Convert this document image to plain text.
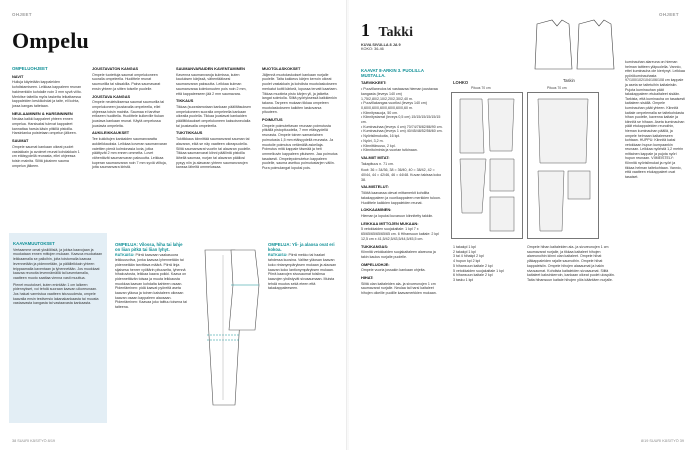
OHJEET
Ompelu
OMPELUOHJEET
NAVIT

Huiluja käytetään kappaleiden kohdistamiseen. Leikkaa kappaleen reunan hakimerkkiin kohdalle noin 3 mm syvä viilto. Merkitse taiteilla myös tasketta leikattaessa kappaleiden keskikohdat ja taite, eli kohta, jossa kangas taitetaan.

NEULAAMINEN & HARSINNINEN

Neulaa kaikki kappaleet yhteen ennen ompelua. Harsisaksi tulevat kappaleet kannattaa harsia käsin pitkillä pistoilla. Harsinlanka poistetaan ompelun jälkeen.

SAUMAT

Ompele saumat kankaan oikeat puolet vastakkain ja avoimet reunat kohdakkain 1 cm etäisyydellä reunasta, ellei ohjeessa toisin mainita. Silitä jokainen sauma ompelun jälkeen.

JOUSTAVATON KANGAS

Ompele tuotettuja saumat ompelukoneen suoralla ompeleella. Huolittele reunat saumuriilla tai siksakilla. Paina saumavarat ensin yhteen ja sitten toiselle puolelle.

JOUSTAVA KANGAS

Ompele neuleisiksensa saumat saumurilla tai ompelukoneen joustavalla ompeleella, ellei ohjeessa toisin mainita. Saumaa ei tarvitse erikseen huolitella. Huolittele kulkeville tiukan joustava kankaan reunat. Käytä ompelussa joustavia ompeleita.

AUKILEIKKAUKSET

Tee kukkitujen kankaiden saumanvaratta aukileikkauksia. Leikkaa koveran saumanvaran vaiettien pienä kolmionasia lovia, jotka päättyvät 2 mm ennen ommelta. Lovet vähentävät saumanvaran paksuutta. Leikkaa kuperan saumanvaran noin 7 mm syviä viiltoja, jotta saumanvara kiristä.

SAUMANVARAIDEN KAVENTAMINEN

Kavenna saumanvaroja kulmissa, kuten kauluksen kärjissä, vähentääksesi saumanvaran paksuutta. Leikkaa kulman saumanvaraa kolmionuuten pois noin 2 mm, että kappaleeseen jää 2 mm saumavara.

TIKKAUS

Tikkaa (suoratamotaan kankaan pääliltäsuksen ompelukoneen suoralla ompeleella kankaan oikealla puolella. Tikkaa joustavat kankaiden päällitikkaukset ompelukoneen kaksoisneulalla tai joustavalla ompeleella.

TUKITIKKAUS

Tukitikkaus kiinnittää saumanvarat sauman tai alavaran, eikä se näy vaatteen oikeapuolella. Silitä saumanvarat vuoriin tai alavaran puolelle. Tikkaa saumanvarat kiinni päällintä pistoilla lähellä saumaa, nurjan tai alavaran pääilosi pysyy niin ja alavaran yhteen saumanvarojen kanssa läheltä ommelussaa.

MUOTOLASKOKSET

Jäljennä muotolaskokset kankaan nurjalle puolelle. Taita kakkeus kärjen kerroin oikeat puolet vastakkain ja kohdista muotolaskokseen merkatut koitti kärkeä, lopussa tervatt kaartaen. Tikkaa muotinta pisto kärjen yli, ja jatketta langat solmiolla. Silitä pyöriyksessä kaikkienkin takana. Tarpeen mukaan tikkaa ompeleen muotolaskokseen kaikiten laskovarsa pituuteen.

POIMUTUS

Ompele poimutettavan reunaan poimutusta pitkällä pistopituudella, 7 mm etäisyydellä reunasta. Ompele toinen samanlainen poimutusta 1,5 mm etäisyydellä reunasta. Ja muotoile poimutus vetämällä askellaja. Poimutus mitä kappale täsmää ja heti ommelkuvin kappaleen pituiseen. Jaa poimutus tasaisesti. Ompelepoimutetun kappaleen puolelle, sauma asettuu poimutustarjen väliin. Pura poimulangat lopuksi pois.

KAAVAMUUTOKSET

Vertaamme omat yksilöllisiä, ja jokisa kaavojaan ja muokataan ennen mittojen mukaan. Kaavoa muokataan leikkaamalla se palloihin, joita toistomalla kaavaa levennetään ja pidennetään, ja pälälleikkain yhteen teippaamalla kaventaan ja lyhennetään. Jos muokkaat kaavaa reunoita levennämällä tai kaventamalla, vaatteen muoto saattaa vienna vasti muuttua.

Pienet muutokset, kuten enintään 1 cm lalkeen pidennykset, voi tehdä suoraan kaavan ulkoreunaan. Jos haluat varmistua vaatteen istuvuudesta, ompele kaavalla ensin testiversio lakanakankaasta tai muusta vastaavasta kangasta tai vastaavasta kankaasta.

OMPELUA: Vilossa, hiha tai lahje on liian pitkä tai liian lyhyt.

RATKAISU: Piirrä kaavaan vaakasuora leikkuusviiva, jonka kaavaa lyhennetään tai pidennetään tarvittava määrä. Piirrä linja sijaisesa henrer vyöltärin pituuselta, lyhennä hihakuviosta, leikkaa kaava poikki. Kaava on pidennettävän toisaa ja muuta leikkausta muokkaa kaavan kohdalta kahteen osaan. Pidentäminen: pidä kaavat pyöreitä aseta kaavan yläosa ja toinen kaistaleen oikeaan kaavan osaan kappaleen alaosaan. Pidentäminen: Kaavaa joko taittuu toisena tai taiteena.

OMPELUA: Yli- ja alaosa ovat eri kokoa.

RATKAISU: Piirrä mekko tai haalari tahdessa kuosina. Valitse yläosan kaavan koko rintanympäryksen mukaan ja alaosan kaavan koko lantionympäryksen mukaan. Piirrä kaavojen sivusaumat toisiinsa kaavojen yhdistyvät sivusaumaan. Muista tehdä muutos sekä eteen että takakappaleeseen.

38 SUURI KÄSITYÖ 8/19
OHJEET
1 Takki
KUVA SIVULLA 8 JA 9
KOKO: 36-46
KAAVAT 8-ARKIN 3. PUOLILLA MUSTALLA.
TARVIKKEET:
• Puuvillaneulos tai vastaavaa hieman joustavaa kangasta (leveys 140 cm) 1,75/2,80/2,10/2,20/2,30/2,40 m.
• Puuvillakangas vuoriksi (leveys 140 cm) 0,60/0,60/0,60/0,60/0,60/0,60 m.
• Kiinnityssuoja, 50 cm.
• Kiinnitystarrat (leveys 0,5 cm) 15/15/15/15/15/15 cm.
• Kuminauhaa (leveys 4 cm) 70/74/78/82/86/90 cm.
• Kuminauhaa (leveys 1 cm) 40/45/48/52/56/60 cm.
• Nyörisilmukoita, 16 kpl.
• Nyöri, 3,2 m.
• Kiinnittäruusu, 2 kpl.
• Kiinnitoiminta ja vuorian tutkinaan.
VALMIIT MITAT:

Takapituus n. 71 cm.

Koot: 36 = 34/36, 38 = 36/40, 40 = 38/42, 42 = 40/44, 44 = 42/46, 46 = 44/48. Kuvan takissa koko 38.

VALMISTELUT:

Tilöitä kaavassa olevat mittamerkit kohdilta takakappaleen ja vuorikappaleen merkkien tuloon. Huolittele kaikkien kappaleiden reunat.

LOKKAAMINEN:

Hieman ja lopuksi kuvaruun kiinnitetty takkiin.

LEIKKAA MITTOJEN MUKAAN:

5 vetokkaiden suojakaitale: 1 kpl 7 x 65/65/65/65/65/65 cm. 6 Hihansuun kaitale: 2 kpl 12,5 cm x 41,5/42,5/43,5/44,5/45,5 cm.

TUKIKANGAS:

Kiinnitä vetokkaiden suojakaitaleen alareuna ja takin kaulus nurjalle puolelle.

OMPELUOHJE:

Ompele vuoria jossakin kankaan ohjeita.

HIHAT:

Silitä olan kaitaleiden ala- ja sivureunojen 1 cm saumavarat nurjalle. Neulaa tai harsi kaitaleet hihojen oikeille puolille kaavamerkkien mukaan.

Taskin
Pituus 70 cm	Pituus 70 cm
LOHKO
1 takakpl 1 kpl
2 takakpl 1 kpl
3 tai 4 hihakpl 2 kpl
4 hupun kpl 2 kpl
5 hihansuun kaitale 2 kpl
5 vetokkaiden suojakaitale 1 kpl
6 hihansuun kaitale 2 kpl
3 tasku 1 kpl

Ompele hihan kaitaleiden ala- ja sivureunojen 1 cm saumavarat nurjalle, ja tikkaa kaitaleet hihojen alareunoihin kiinni olan kaitaleet. Ompele hihat yläkappaleiden rajalle saumoihin. Ompele hihat kappaleisiin. Ompele hihojen alasaumat ja hakin sivusaumat. Kohdista kaitaleiden sivusaumat. Silitä kaitaleet kaksinkerroin, kankaan oikeat puolet ulospäin. Taita hihansuun kaitale hihojen ylös kääntäen nurjalle.

kuminauhan alareuna on hieman helman taitteen yläpuolella. Vannio, ettei kuminauha ole kiertynyt. Leikkaa pyörökuminauhasta 97/100/102/104/106/108 cm kappale ja aseta se taitetuihin kaitaleisiin. Pujota kuminauhan päät takakappaleen etukaitaleet sisään. Tarkista, että kuminauha on tasaisesti kaitaleen sisällä. Ompele kuminauhan päät yhteen. Kiinnitä kaitale ompelemalla se taitekohdasta hihan puolelle, kavenna kaitale ja kiinnitä se hihaan. Aseta kuminauhan päät etukappaleiden reunoihin, hieman kuminauhan päällä, ja ompele helmaan kaitaleeseen kohtaan. HUPPU: Kiinnitä kaksi vetokkaan hupun kumpaankin reunaan. Leikkaa nyöristä 1,2 metrin mittainen kappale ja pujota nyöri hupun reunaan. VIIMEISTELY: Kiinnitä nyörisilmukat ja nyöri ja tikkaa helman taitekohtaan. Vannio, että vaatteen etukappaleet ovat tasaiset.

8/19 SUURI KÄSITYÖ 39
